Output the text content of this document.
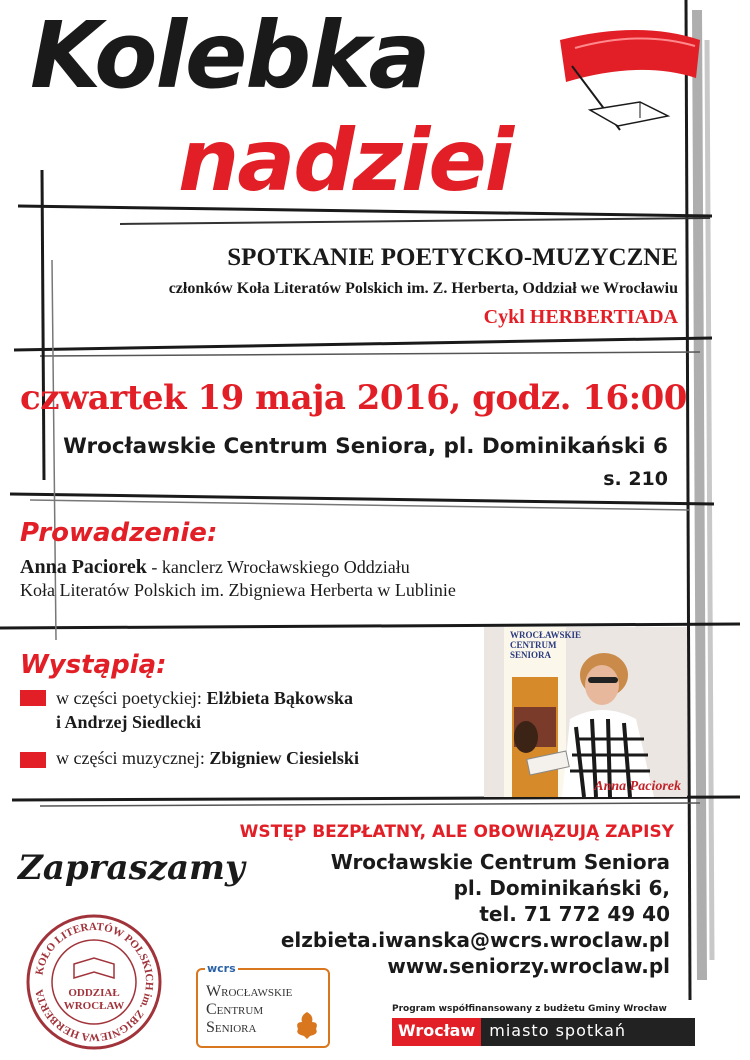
Kolebka
nadziei
SPOTKANIE POETYCKO-MUZYCZNE
członków Koła Literatów Polskich im. Z. Herberta, Oddział we Wrocławiu
Cykl HERBERTIADA
czwartek 19 maja 2016, godz. 16:00
Wrocławskie Centrum Seniora, pl. Dominikański 6
s. 210
Prowadzenie:
Anna Paciorek - kanclerz Wrocławskiego Oddziału
Koła Literatów Polskich im. Zbigniewa Herberta w Lublinie
Wystąpią:
w części poetyckiej: Elżbieta Bąkowska
i Andrzej Siedlecki
w części muzycznej: Zbigniew Ciesielski
WROCŁAWSKIE
CENTRUM
SENIORA
Anna Paciorek
WSTĘP BEZPŁATNY, ALE OBOWIĄZUJĄ ZAPISY
Zapraszamy	Wrocławskie Centrum Seniora
pl. Dominikański 6,
tel. 71 772 49 40
elzbieta.iwanska@wcrs.wroclaw.pl
www.seniorzy.wroclaw.pl
KOŁO LITERATÓW POLSKICH im. ZBIGNIEWA HERBERTA	ODDZIAŁ
WROCŁAW
Wrocławskie
Centrum
Seniora
wcrs
Program współfinansowany z budżetu Gminy Wrocław
Wrocław miasto spotkań
